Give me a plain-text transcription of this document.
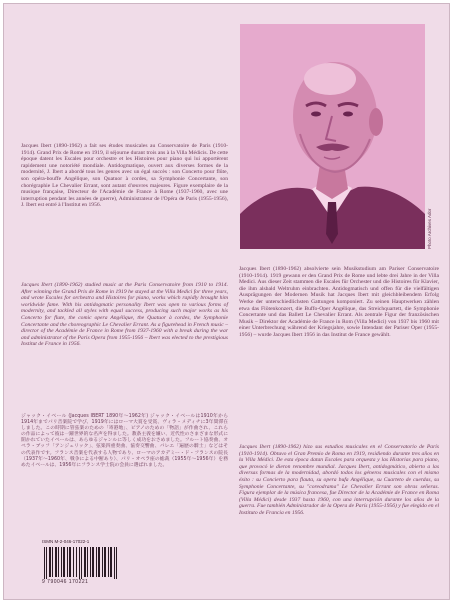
Photo Archives Ador

Jacques Ibert (1890-1962) a fait ses études musicales au Conservatoire de Paris (1910-1914). Grand Prix de Rome en 1919, il séjourne durant trois ans à la Villa Médicis. De cette époque datent les Escales pour orchestre et les Histoires pour piano qui lui apportèrent rapidement une notoriété mondiale. Antidogmatique, ouvert aux diverses formes de la modernité, J. Ibert a abordé tous les genres avec un égal succès : son Concerto pour flûte, son opéra-bouffe Angélique, son Quatuor à cordes, sa Symphonie Concertante, son chorégraphie Le Chevalier Errant, sont autant d'œuvres majeures. Figure exemplaire de la musique française, Directeur de l'Académie de France à Rome (1937-1960, avec une interruption pendant les années de guerre), Administrateur de l'Opéra de Paris (1955-1956), J. Ibert est entré à l'Institut en 1956.

Jacques Ibert (1890-1962) studied music at the Paris Conservatoire from 1910 to 1914. After winning the Grand Prix de Rome in 1919 he stayed at the Villa Medici for three years, and wrote Escales for orchestra and Histoires for piano, works which rapidly brought him worldwide fame. With his antidogmatic personality Ibert was open to various forms of modernity, and tackled all styles with equal success, producing such major works as his Concerto for flute, the comic opera Angélique, the Quatuor à cordes, the Symphonie Concertante and the choreographic Le Chevalier Errant. As a figurehead in French music – director of the Académie de France in Rome from 1937-1960 with a break during the war and administrator of the Paris Opera from 1955-1956 – Ibert was elected to the prestigious Institut de France in 1956.

ジャック・イベール (Jacques IBERT 1890年〜1962年) ジャック・イベールは1910年から1914年までパリ音楽院で学び、1919年にはローマ大賞を受賞、ヴィラ・メディチに3年間滞在しました。この時期に管弦楽のための「寄港地」、ピアノのための「物語」が作曲され、これらの作品によって彼は一躍世界的な名声を得ました。教条主義を嫌い、近代性のさまざまな形式に開かれていたイベールは、あらゆるジャンルに等しく成功をおさめました。フルート協奏曲、オペラ・ブッフ「アンジェリック」、弦楽四重奏曲、協奏交響曲、バレエ「遍歴の騎士」などはその代表作です。フランス音楽を代表する人物であり、ローマのアカデミー・ド・フランスの院長（1937年〜1960年、戦争による中断あり）、パリ・オペラ座の総裁（1955年〜1956年）を務めたイベールは、1956年にフランス学士院の会員に選ばれました。

Jacques Ibert (1890-1962) absolvierte sein Musikstudium am Pariser Conservatoire (1910-1914). 1919 gewann er den Grand Prix de Rome und lebte drei Jahre in der Villa Medici. Aus dieser Zeit stammen die Escales für Orchester und die Histoires für Klavier, die ihm alsbald Weltruhm einbrachten. Antidogmatisch und offen für die vielfältigen Ausprägungen der Modernen Musik hat Jacques Ibert mit gleichbleibendem Erfolg Werke der unterschiedlichsten Gattungen komponiert. Zu seinen Hauptwerken zählen etwa das Flötenkonzert, die Buffo-Oper Angélique, das Streichquartett, die Symphonie Concertante und das Ballett Le Chevalier Errant. Als zentrale Figur der französischen Musik – Direktor der Académie de France in Rom (Villa Medici) von 1937 bis 1960 mit einer Unterbrechung während der Kriegsjahre, sowie Intendant der Pariser Oper (1955-1956) – wurde Jacques Ibert 1956 in das Institut de France gewählt.

Jacques Ibert (1890-1962) hizo sus estudios musicales en el Conservatorio de París (1910-1914). Obtuvo el Gran Premio de Roma en 1919, residiendo durante tres años en la Villa Médici. De esta época datan Escales para orquesta y las Historias para piano, que provocó le dieron renombre mundial. Jacques Ibert, antidogmático, abierto a las diversas formas de la modernidad, abordó todos los géneros musicales con el mismo éxito : su Concierto para flauta, su opera bufa Angélique, su Cuarteto de cuerdas, su Symphonie Concertante, su "coreodrama" Le Chevalier Errant son obras señeras. Figura ejemplar de la música francesa, fue Director de la Académie de France en Roma (Villa Médici) desde 1937 hasta 1960, con una interrupción durante los años de la guerra. Fue también Administrador de la Opera de París (1955-1956) y fue elegido en el Instituto de Francia en 1956.

ISMN M-2-046-17022-1
9 790046 170221
